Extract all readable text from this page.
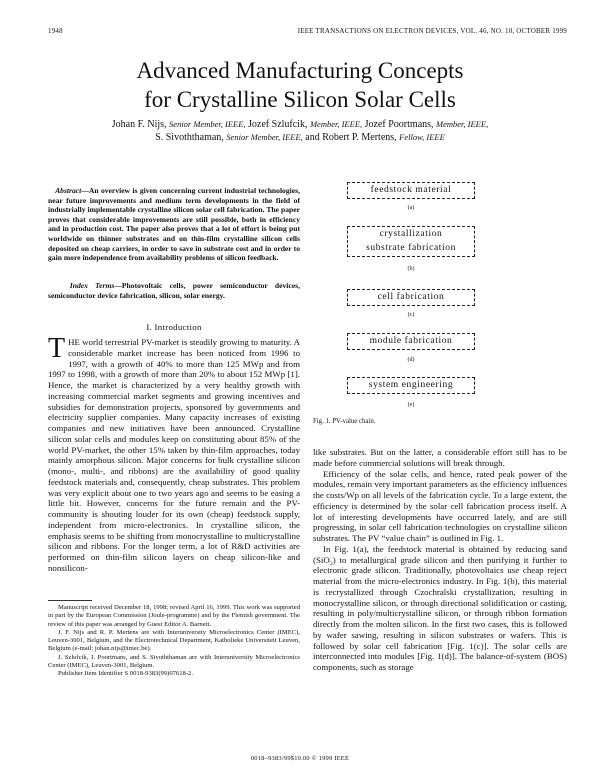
1948	IEEE TRANSACTIONS ON ELECTRON DEVICES, VOL. 46, NO. 10, OCTOBER 1999
Advanced Manufacturing Concepts
for Crystalline Silicon Solar Cells
Johan F. Nijs, Senior Member, IEEE, Jozef Szlufcik, Member, IEEE, Jozef Poortmans, Member, IEEE,
S. Sivoththaman, Senior Member, IEEE, and Robert P. Mertens, Fellow, IEEE
Abstract—An overview is given concerning current industrial technologies, near future improvements and medium term developments in the field of industrially implementable crystalline silicon solar cell fabrication. The paper proves that considerable improvements are still possible, both in efficiency and in production cost. The paper also proves that a lot of effort is being put worldwide on thinner substrates and on thin-film crystalline silicon cells deposited on cheap carriers, in order to save in substrate cost and in order to gain more independence from availability problems of silicon feedback.
Index Terms—Photovoltaic cells, power semiconductor devices, semiconductor device fabrication, silicon, solar energy.
I. Introduction
THE world terrestrial PV-market is steadily growing to maturity. A considerable market increase has been noticed from 1996 to 1997, with a growth of 40% to more than 125 MWp and from 1997 to 1998, with a growth of more than 20% to about 152 MWp [1]. Hence, the market is characterized by a very healthy growth with increasing commercial market segments and growing incentives and subsidies for demonstration projects, sponsored by governments and electricity supplier companies. Many capacity increases of existing companies and new initiatives have been announced. Crystalline silicon solar cells and modules keep on constituting about 85% of the world PV-market, the other 15% taken by thin-film approaches, today mainly amorphous silicon. Major concerns for bulk crystalline silicon (mono-, multi-, and ribbons) are the availability of good quality feedstock materials and, consequently, cheap substrates. This problem was very explicit about one to two years ago and seems to be easing a little bit. However, concerns for the future remain and the PV-community is shouting louder for its own (cheap) feedstock supply, independent from micro-electronics. In crystalline silicon, the emphasis seems to be shifting from monocrystalline to multicrystalline silicon and ribbons. For the longer term, a lot of R&D activities are performed on thin-film silicon layers on cheap silicon-like and nonsilicon-

Manuscript received December 18, 1998; revised April 16, 1999. This work was supported in part by the European Commission (Joule-programme) and by the Flemish government. The review of this paper was arranged by Guest Editor A. Barnett.

J. F. Nijs and R. P. Mertens are with Interuniversity Microelectronics Center (IMEC), Leuven-3001, Belgium, and the Electrotechnical Department, Katholieke Universiteit Leuven, Belgium (e-mail: johan.nijs@imec.be).

J. Szlufcik, J. Poortmans, and S. Sivoththaman are with Interuniversity Microelectronics Center (IMEC), Leuven-3001, Belgium.

Publisher Item Identifier S 0018-9383(99)07618-2.

feedstock material
(a)
crystallization
substrate fabrication
(b)
cell fabrication
(c)
module fabrication
(d)
system engineering
(e)
Fig. 1. PV-value chain.

like substrates. But on the latter, a considerable effort still has to be made before commercial solutions will break through.

Efficiency of the solar cells, and hence, rated peak power of the modules, remain very important parameters as the efficiency influences the costs/Wp on all levels of the fabrication cycle. To a large extent, the efficiency is determined by the solar cell fabrication process itself. A lot of interesting developments have occurred lately, and are still progressing, in solar cell fabrication technologies on crystalline silicon substrates. The PV “value chain” is outlined in Fig. 1.

In Fig. 1(a), the feedstock material is obtained by reducing sand (SiO₂) to metallurgical grade silicon and then purifying it further to electronic grade silicon. Traditionally, photovoltaics use cheap reject material from the micro-electronics industry. In Fig. 1(b), this material is recrystallized through Czochralski crystallization, resulting in monocrystalline silicon, or through directional solidification or casting, resulting in poly/multicrystalline silicon, or through ribbon formation directly from the molten silicon. In the first two cases, this is followed by wafer sawing, resulting in silicon substrates or wafers. This is followed by solar cell fabrication [Fig. 1(c)]. The solar cells are interconnected into modules [Fig. 1(d)]. The balance-of-system (BOS) components, such as storage

0018–9383/99$10.00 © 1999 IEEE
